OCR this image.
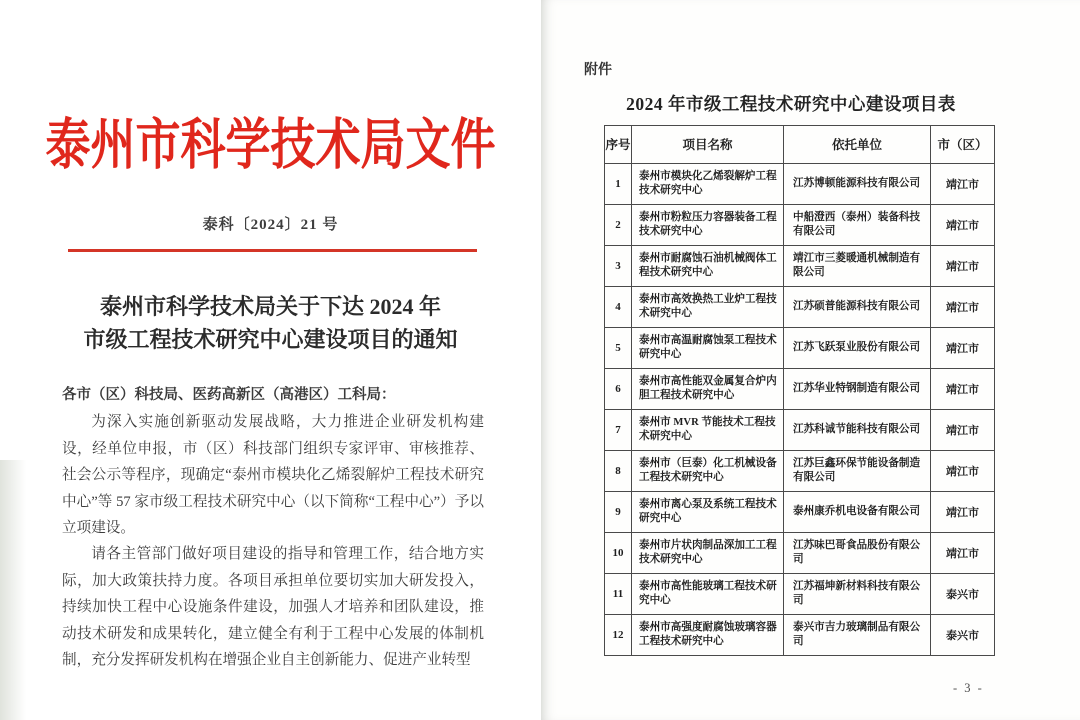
泰州市科学技术局文件
泰科〔2024〕21 号
泰州市科学技术局关于下达 2024 年
市级工程技术研究中心建设项目的通知
各市（区）科技局、医药高新区（高港区）工科局：
为深入实施创新驱动发展战略，大力推进企业研发机构建设，经单位申报，市（区）科技部门组织专家评审、审核推荐、社会公示等程序，现确定“泰州市模块化乙烯裂解炉工程技术研究中心”等 57 家市级工程技术研究中心（以下简称“工程中心”）予以立项建设。
请各主管部门做好项目建设的指导和管理工作，结合地方实际，加大政策扶持力度。各项目承担单位要切实加大研发投入，持续加快工程中心设施条件建设，加强人才培养和团队建设，推动技术研发和成果转化，建立健全有利于工程中心发展的体制机制，充分发挥研发机构在增强企业自主创新能力、促进产业转型
附件
2024 年市级工程技术研究中心建设项目表
序号	项目名称	依托单位	市（区）
1	泰州市模块化乙烯裂解炉工程技术研究中心	江苏博顿能源科技有限公司	靖江市
2	泰州市粉粒压力容器装备工程技术研究中心	中船澄西（泰州）装备科技有限公司	靖江市
3	泰州市耐腐蚀石油机械阀体工程技术研究中心	靖江市三菱暖通机械制造有限公司	靖江市
4	泰州市高效换热工业炉工程技术研究中心	江苏硕普能源科技有限公司	靖江市
5	泰州市高温耐腐蚀泵工程技术研究中心	江苏飞跃泵业股份有限公司	靖江市
6	泰州市高性能双金属复合炉内胆工程技术研究中心	江苏华业特钢制造有限公司	靖江市
7	泰州市 MVR 节能技术工程技术研究中心	江苏科诚节能科技有限公司	靖江市
8	泰州市（巨泰）化工机械设备工程技术研究中心	江苏巨鑫环保节能设备制造有限公司	靖江市
9	泰州市离心泵及系统工程技术研究中心	泰州康乔机电设备有限公司	靖江市
10	泰州市片状肉制品深加工工程技术研究中心	江苏味巴哥食品股份有限公司	靖江市
11	泰州市高性能玻璃工程技术研究中心	江苏福坤新材料科技有限公司	泰兴市
12	泰州市高强度耐腐蚀玻璃容器工程技术研究中心	泰兴市吉力玻璃制品有限公司	泰兴市
- 3 -
